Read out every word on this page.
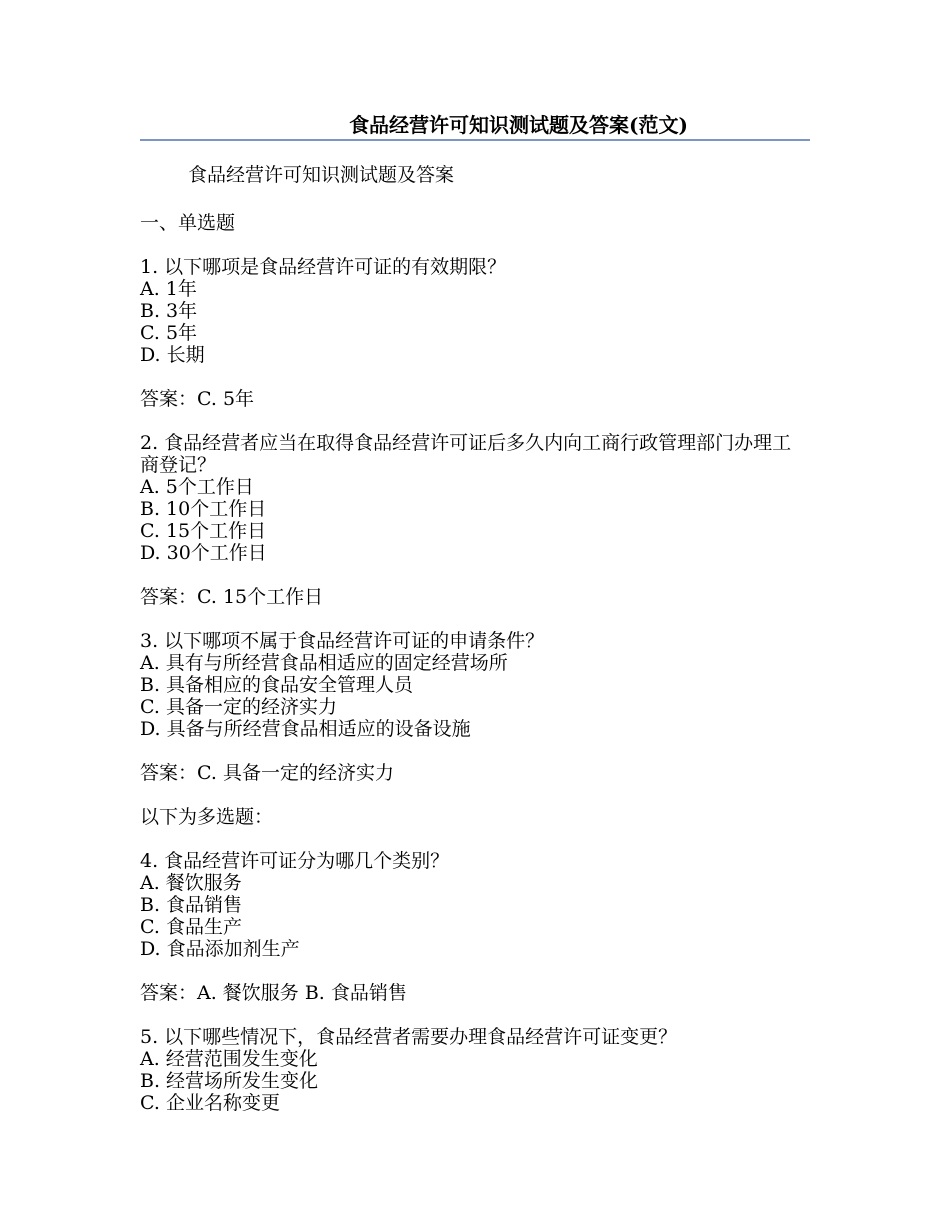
食品经营许可知识测试题及答案(范文)
食品经营许可知识测试题及答案
一、单选题
1. 以下哪项是食品经营许可证的有效期限？
A. 1年
B. 3年
C. 5年
D. 长期
答案：C. 5年
2. 食品经营者应当在取得食品经营许可证后多久内向工商行政管理部门办理工商登记？
A. 5个工作日
B. 10个工作日
C. 15个工作日
D. 30个工作日
答案：C. 15个工作日
3. 以下哪项不属于食品经营许可证的申请条件？
A. 具有与所经营食品相适应的固定经营场所
B. 具备相应的食品安全管理人员
C. 具备一定的经济实力
D. 具备与所经营食品相适应的设备设施
答案：C. 具备一定的经济实力
以下为多选题：
4. 食品经营许可证分为哪几个类别？
A. 餐饮服务
B. 食品销售
C. 食品生产
D. 食品添加剂生产
答案：A. 餐饮服务 B. 食品销售
5. 以下哪些情况下，食品经营者需要办理食品经营许可证变更？
A. 经营范围发生变化
B. 经营场所发生变化
C. 企业名称变更
